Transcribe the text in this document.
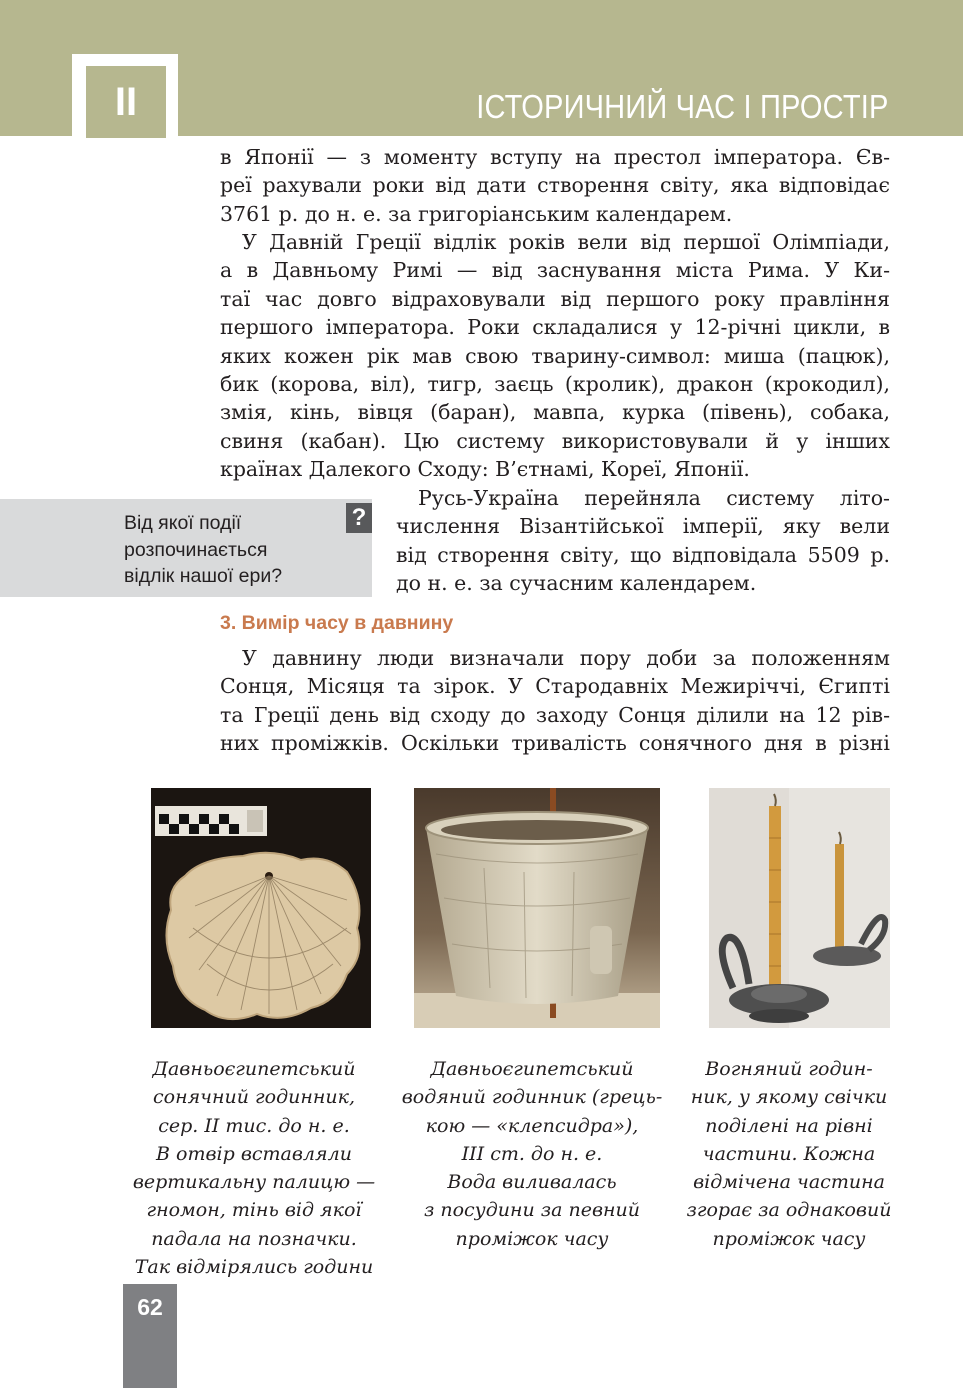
II	ІСТОРИЧНИЙ ЧАС І ПРОСТІР

в Японії — з моменту вступу на престол імператора. Єв-
реї рахували роки від дати створення світу, яка відповідає
3761 р. до н. е. за григоріанським календарем.

У Давній Греції відлік років вели від першої Олімпіади,
а в Давньому Римі — від заснування міста Рима. У Ки-
таї час довго відраховували від першого року правління
першого імператора. Роки складалися у 12-річні цикли, в
яких кожен рік мав свою тварину-символ: миша (пацюк),
бик (корова, віл), тигр, заєць (кролик), дракон (крокодил),
змія, кінь, вівця (баран), мавпа, курка (півень), собака,
свиня (кабан). Цю систему використовували й у інших
країнах Далекого Сходу: В’єтнамі, Кореї, Японії.

?
Від якої події
розпочинається
відлік нашої ери?

Русь-Україна перейняла систему літо-
числення Візантійської імперії, яку вели
від створення світу, що відповідала 5509 р.
до н. е. за сучасним календарем.

3. Вимір часу в давнину

У давнину люди визначали пору доби за положенням
Сонця, Місяця та зірок. У Стародавніх Межиріччі, Єгипті
та Греції день від сходу до заходу Сонця ділили на 12 рів-
них проміжків. Оскільки тривалість сонячного дня в різні

Давньоєгипетський
сонячний годинник,
сер. II тис. до н. е.
В отвір вставляли
вертикальну палицю —
гномон, тінь від якої
падала на позначки.
Так відмірялись години
Давньоєгипетський
водяний годинник (грець-
кою — «клепсидра»),
III ст. до н. е.
Вода виливалась
з посудини за певний
проміжок часу
Вогняний годин-
ник, у якому свічки
поділені на рівні
частини. Кожна
відмічена частина
згорає за однаковий
проміжок часу
62
